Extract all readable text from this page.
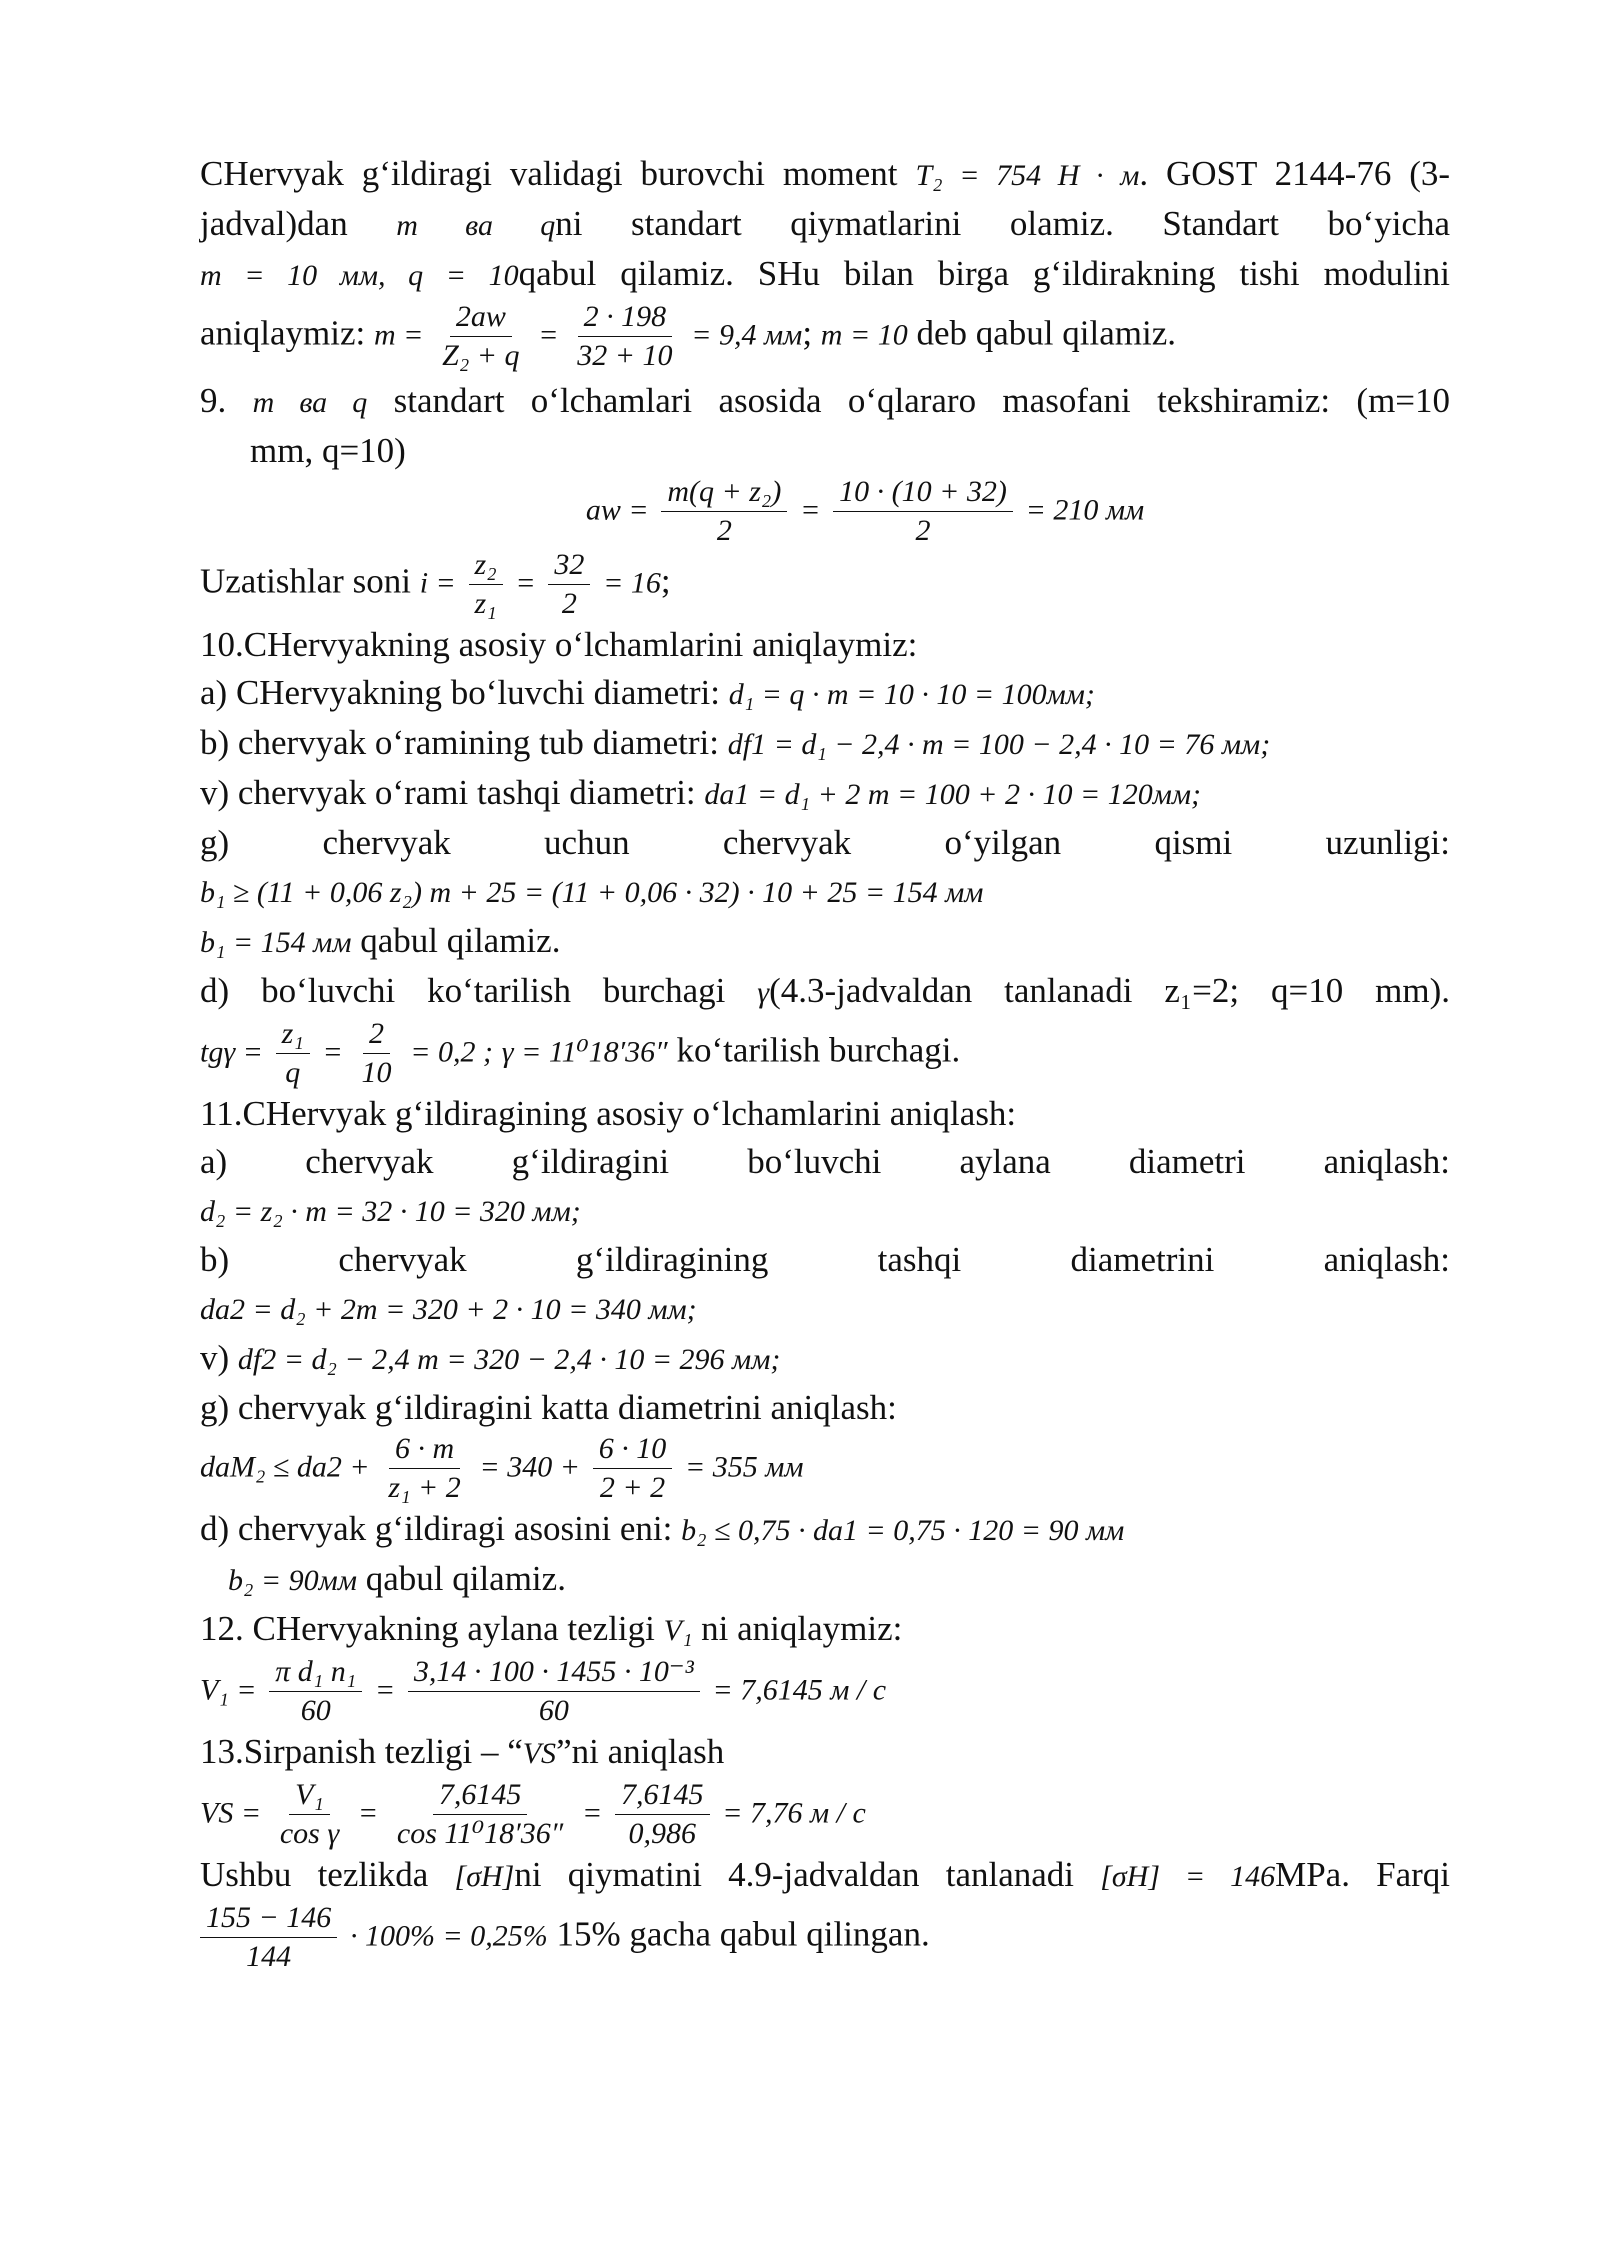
CHervyak g‘ildiragi validagi burovchi moment T₂ = 754 Н · м. GOST 2144-76 (3-

jadval)dan m ва qni standart qiymatlarini olamiz. Standart bo‘yicha

m = 10 мм, q = 10qabul qilamiz. SHu bilan birga g‘ildirakning tishi modulini

aniqlaymiz: $m = \frac{2aw}{\text{Z₂ + q}} = \frac{2 \cdot 198}{32 + 10} = 9,4$ мм; m = 10 deb qabul qilamiz.

9. m ва q standart o‘lchamlari asosida o‘qlararo masofani tekshiramiz: (m=10

mm, q=10)

aw = $\frac{\text{m(q + z₂)}}{2} = \frac{10 \cdot (10 + 32)}{2} = 210$ мм

Uzatishlar soni $i = \frac{\text{z₂}}{\text{z₁}} = \frac{32}{2} = 16$;

10.CHervyakning asosiy o‘lchamlarini aniqlaymiz:

a) CHervyakning bo‘luvchi diametri: d₁ = q · m = 10 · 10 = 100мм;

b) chervyak o‘ramining tub diametri: df1 = d₁ − 2,4 · m = 100 − 2,4 · 10 = 76 мм;

v) chervyak o‘rami tashqi diametri: da1 = d₁ + 2 m = 100 + 2 · 10 = 120мм;

g) chervyak uchun chervyak o‘yilgan qismi uzunligi:

b₁ ≥ (11 + 0,06 z₂) m + 25 = (11 + 0,06 · 32) · 10 + 25 = 154 мм

b₁ = 154 мм qabul qilamiz.

d) bo‘luvchi ko‘tarilish burchagi γ(4.3-jadvaldan tanlanadi z₁=2; q=10 mm).

$tg\gamma = \frac{\text{z₁}}{q} = \frac{2}{10} = 0,2$ ; γ = 11⁰18′36″ ko‘tarilish burchagi.

11.CHervyak g‘ildiragining asosiy o‘lchamlarini aniqlash:

a) chervyak g‘ildiragini bo‘luvchi aylana diametri aniqlash:

d₂ = z₂ · m = 32 · 10 = 320 мм;

b) chervyak g‘ildiragining tashqi diametrini aniqlash:

da2 = d₂ + 2m = 320 + 2 · 10 = 340 мм;

v) df2 = d₂ − 2,4 m = 320 − 2,4 · 10 = 296 мм;

g) chervyak g‘ildiragini katta diametrini aniqlash:

$daM_2 \le da2 + \frac{6 \cdot m}{\text{z₁ + 2}} = 340 + \frac{6 \cdot 10}{2 + 2} = 355$ мм

d) chervyak g‘ildiragi asosini eni: b₂ ≤ 0,75 · da1 = 0,75 · 120 = 90 мм

b₂ = 90мм qabul qilamiz.

12. CHervyakning aylana tezligi V₁ ni aniqlaymiz:

$V_1 = \frac{\text{π d₁ n₁}}{60} = \frac{\text{3,14 · 100 · 1455 · 10⁻³}}{60} = 7,6145$ м / с

13.Sirpanish tezligi – “VS”ni aniqlash

VS = $\frac{\text{V₁}}{\text{cos γ}} = \frac{7,6145}{\text{cos 11⁰18′36″}} = \frac{7,6145}{0,986} = 7,76$ м / с

Ushbu tezlikda [σH]ni qiymatini 4.9-jadvaldan tanlanadi [σH] = 146MPa. Farqi

$\frac{155 - 146}{144} \cdot 100\% = 0,25\%$ 15% gacha qabul qilingan.
